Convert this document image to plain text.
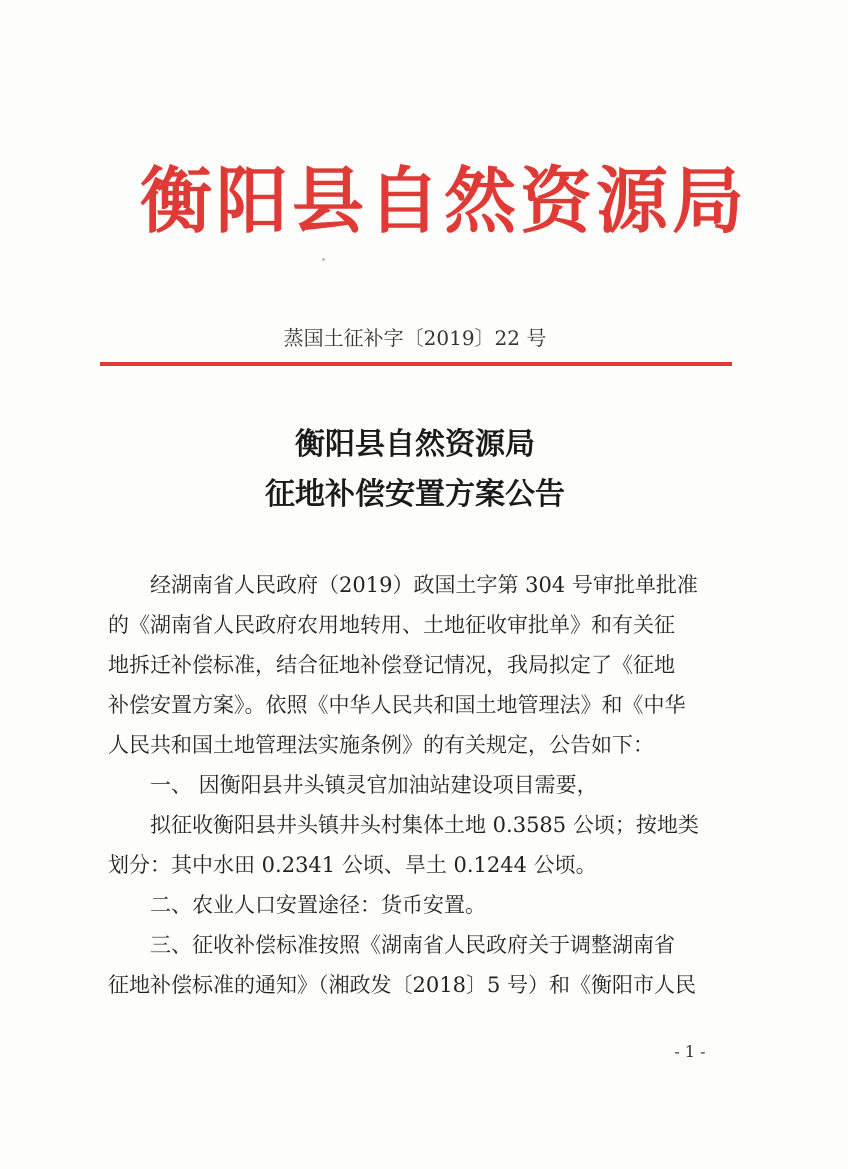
衡阳县自然资源局
蒸国土征补字〔2019〕22 号
衡阳县自然资源局
征地补偿安置方案公告

经湖南省人民政府（2019）政国土字第 304 号审批单批准

的《湖南省人民政府农用地转用、土地征收审批单》和有关征

地拆迁补偿标准，结合征地补偿登记情况，我局拟定了《征地

补偿安置方案》。依照《中华人民共和国土地管理法》和《中华

人民共和国土地管理法实施条例》的有关规定，公告如下：

一、 因衡阳县井头镇灵官加油站建设项目需要，

拟征收衡阳县井头镇井头村集体土地 0.3585 公顷；按地类

划分：其中水田 0.2341 公顷、旱土 0.1244 公顷。

二、农业人口安置途径：货币安置。

三、征收补偿标准按照《湖南省人民政府关于调整湖南省

征地补偿标准的通知》（湘政发〔2018〕5 号）和《衡阳市人民

- 1 -
